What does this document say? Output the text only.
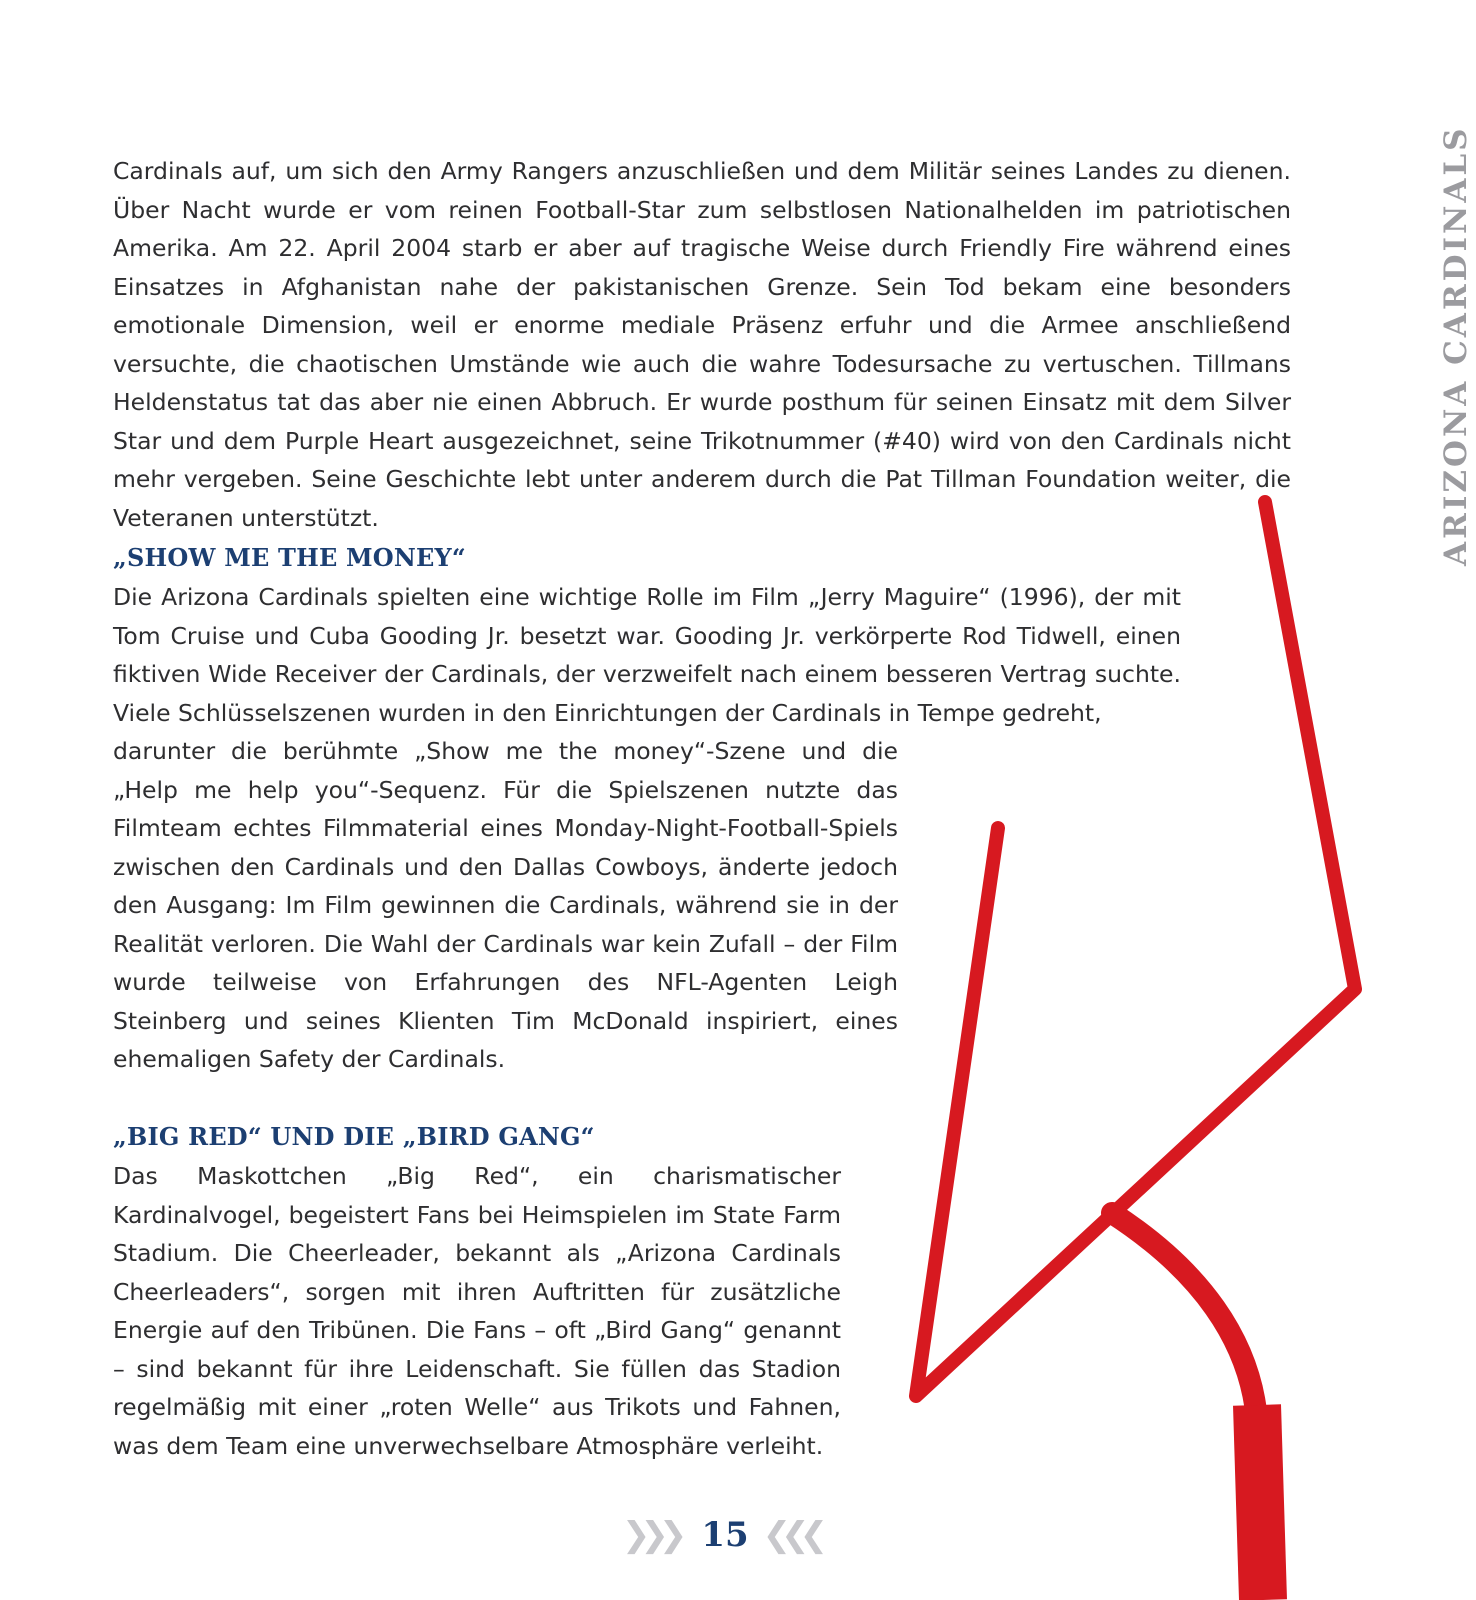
ARIZONA CARDINALS

Cardinals auf, um sich den Army Rangers anzuschließen und dem Militär seines Landes zu dienen. Über Nacht wurde er vom reinen Football-Star zum selbstlosen Nationalhelden im patriotischen Amerika. Am 22. April 2004 starb er aber auf tragische Weise durch Friendly Fire während eines Einsatzes in Afghanistan nahe der pakistanischen Grenze. Sein Tod bekam eine besonders emotionale Dimension, weil er enorme mediale Präsenz erfuhr und die Armee anschließend versuchte, die chaotischen Umstände wie auch die wahre Todesursache zu vertuschen. Tillmans Heldenstatus tat das aber nie einen Abbruch. Er wurde posthum für seinen Einsatz mit dem Silver Star und dem Purple Heart ausgezeichnet, seine Trikotnummer (#40) wird von den Cardinals nicht mehr vergeben. Seine Geschichte lebt unter anderem durch die Pat Tillman Foundation weiter, die Veteranen unterstützt.

„SHOW ME THE MONEY“

Die Arizona Cardinals spielten eine wichtige Rolle im Film „Jerry Maguire“ (1996), der mit Tom Cruise und Cuba Gooding Jr. besetzt war. Gooding Jr. verkörperte Rod Tidwell, einen fiktiven Wide Receiver der Cardinals, der verzweifelt nach einem besseren Vertrag suchte. Viele Schlüsselszenen wurden in den Einrichtungen der Cardinals in Tempe gedreht,

darunter die berühmte „Show me the money“-Szene und die „Help me help you“-Sequenz. Für die Spielszenen nutzte das Filmteam echtes Filmmaterial eines Monday-Night-Football-Spiels zwischen den Cardinals und den Dallas Cowboys, änderte jedoch den Ausgang: Im Film gewinnen die Cardinals, während sie in der Realität verloren. Die Wahl der Cardinals war kein Zufall – der Film wurde teilweise von Erfahrungen des NFL-Agenten Leigh Steinberg und seines Klienten Tim McDonald inspiriert, eines ehemaligen Safety der Cardinals.

„BIG RED“ UND DIE „BIRD GANG“

Das Maskottchen „Big Red“, ein charismatischer Kardinalvogel, begeistert Fans bei Heimspielen im State Farm Stadium. Die Cheerleader, bekannt als „Arizona Cardinals Cheerleaders“, sorgen mit ihren Auftritten für zusätzliche Energie auf den Tribünen. Die Fans – oft „Bird Gang“ genannt – sind bekannt für ihre Leidenschaft. Sie füllen das Stadion regelmäßig mit einer „roten Welle“ aus Trikots und Fahnen, was dem Team eine unverwechselbare Atmosphäre verleiht.

❯❯❯ 15 ❮❮❮
